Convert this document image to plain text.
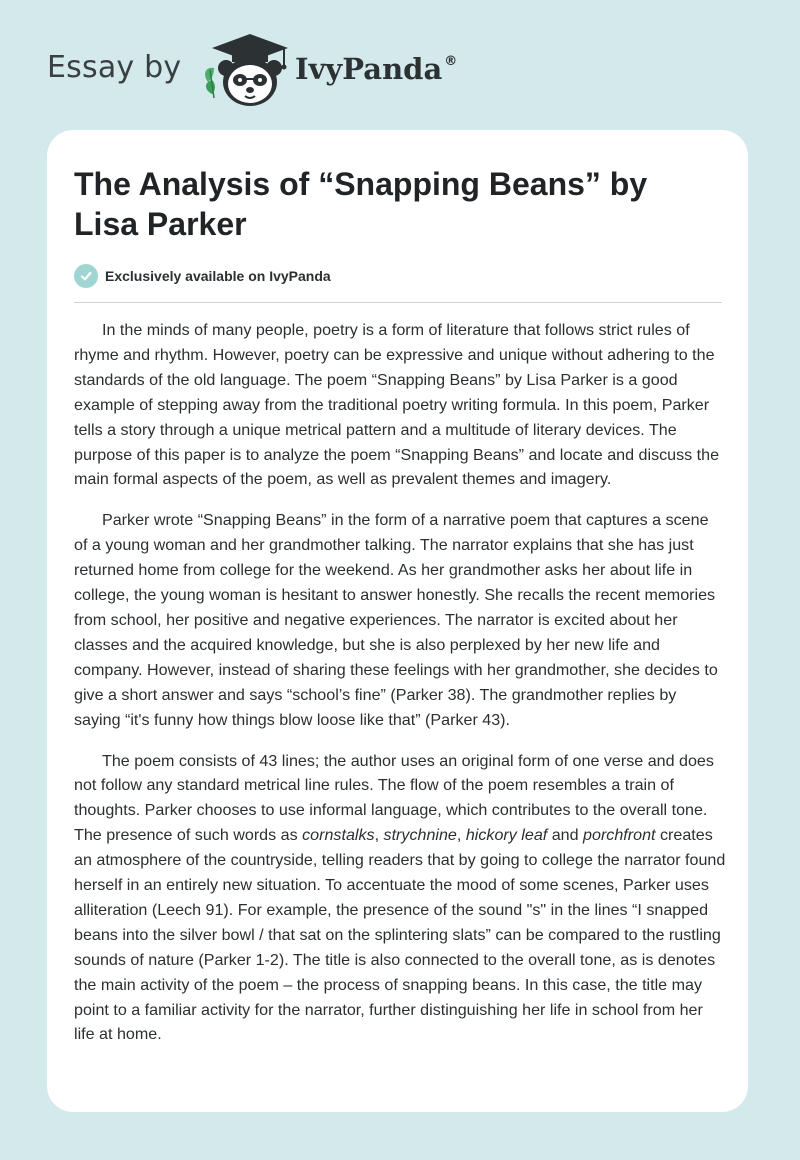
Essay by	IvyPanda ®
The Analysis of “Snapping Beans” by Lisa Parker
Exclusively available on IvyPanda

In the minds of many people, poetry is a form of literature that follows strict rules of rhyme and rhythm. However, poetry can be expressive and unique without adhering to the standards of the old language. The poem “Snapping Beans” by Lisa Parker is a good example of stepping away from the traditional poetry writing formula. In this poem, Parker tells a story through a unique metrical pattern and a multitude of literary devices. The purpose of this paper is to analyze the poem “Snapping Beans” and locate and discuss the main formal aspects of the poem, as well as prevalent themes and imagery.

Parker wrote “Snapping Beans” in the form of a narrative poem that captures a scene of a young woman and her grandmother talking. The narrator explains that she has just returned home from college for the weekend. As her grandmother asks her about life in college, the young woman is hesitant to answer honestly. She recalls the recent memories from school, her positive and negative experiences. The narrator is excited about her classes and the acquired knowledge, but she is also perplexed by her new life and company. However, instead of sharing these feelings with her grandmother, she decides to give a short answer and says “school’s fine” (Parker 38). The grandmother replies by saying “it's funny how things blow loose like that” (Parker 43).

The poem consists of 43 lines; the author uses an original form of one verse and does not follow any standard metrical line rules. The flow of the poem resembles a train of thoughts. Parker chooses to use informal language, which contributes to the overall tone. The presence of such words as cornstalks, strychnine, hickory leaf and porchfront creates an atmosphere of the countryside, telling readers that by going to college the narrator found herself in an entirely new situation. To accentuate the mood of some scenes, Parker uses alliteration (Leech 91). For example, the presence of the sound "s" in the lines “I snapped beans into the silver bowl / that sat on the splintering slats” can be compared to the rustling sounds of nature (Parker 1-2). The title is also connected to the overall tone, as is denotes the main activity of the poem – the process of snapping beans. In this case, the title may point to a familiar activity for the narrator, further distinguishing her life in school from her life at home.
